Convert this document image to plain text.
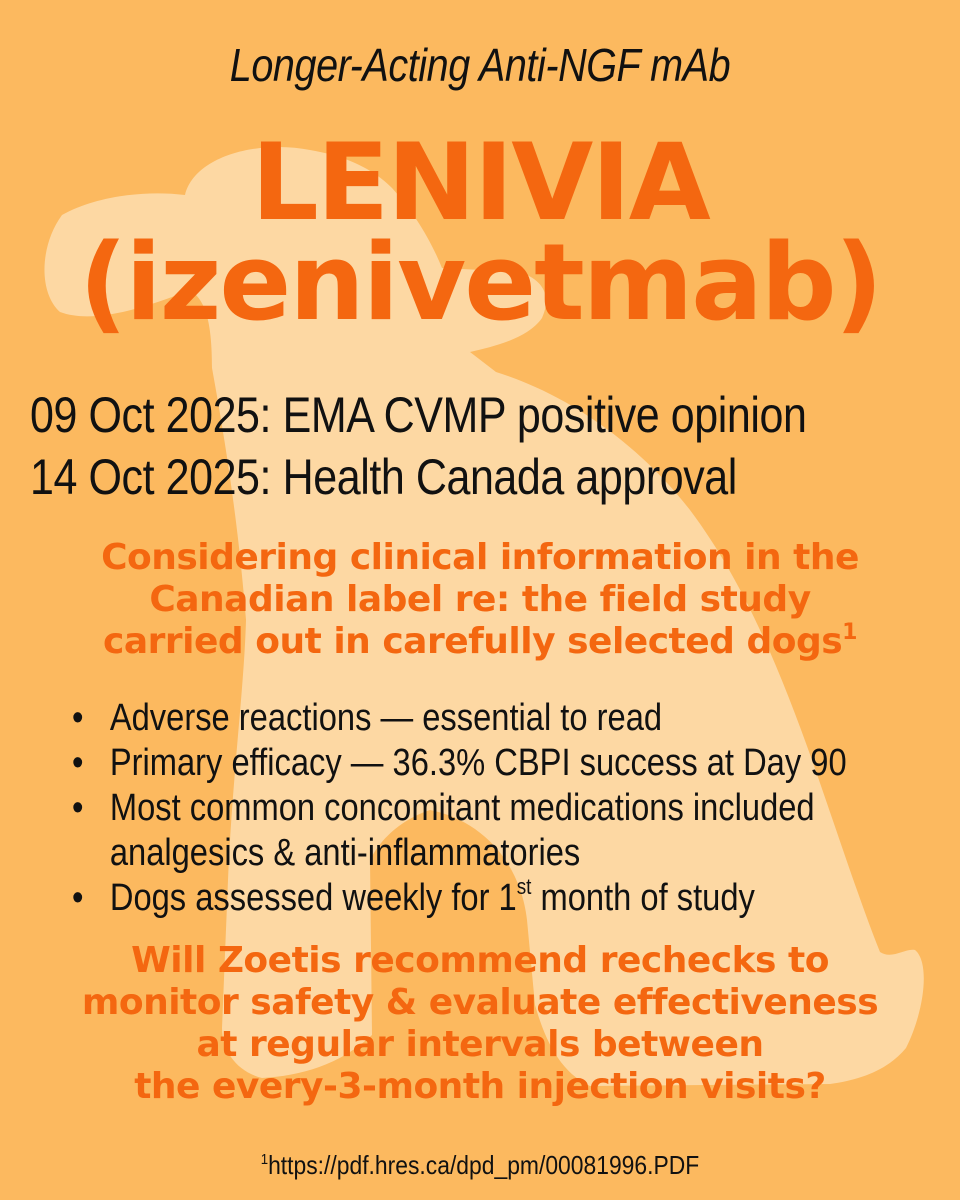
Longer-Acting Anti-NGF mAb
LENIVIA
(izenivetmab)
09 Oct 2025: EMA CVMP positive opinion
14 Oct 2025: Health Canada approval
Considering clinical information in the
Canadian label re: the field study
carried out in carefully selected dogs$^1$
• Adverse reactions — essential to read
• Primary efficacy — 36.3% CBPI success at Day 90
• Most common concomitant medications included
analgesics & anti-inflammatories
• Dogs assessed weekly for 1st month of study
Will Zoetis recommend rechecks to
monitor safety & evaluate effectiveness
at regular intervals between
the every-3-month injection visits?
$^1$https://pdf.hres.ca/dpd_pm/00081996.PDF
